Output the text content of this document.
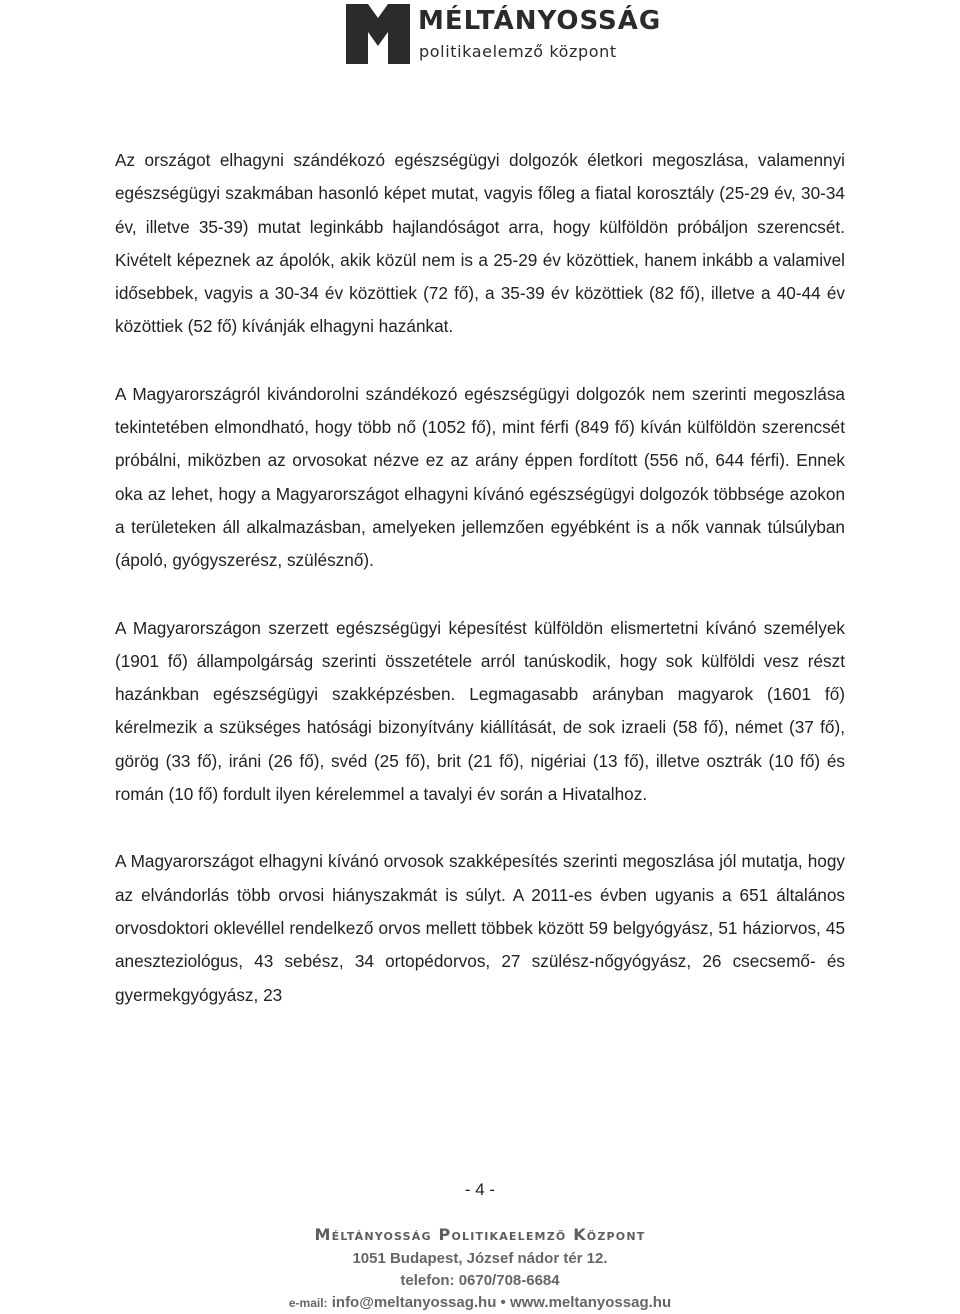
MÉLTÁNYOSSÁG
politikaelemző központ

Az országot elhagyni szándékozó egészségügyi dolgozók életkori megoszlása, valamennyi egészségügyi szakmában hasonló képet mutat, vagyis főleg a fiatal korosztály (25-29 év, 30-34 év, illetve 35-39) mutat leginkább hajlandóságot arra, hogy külföldön próbáljon szerencsét. Kivételt képeznek az ápolók, akik közül nem is a 25-29 év közöttiek, hanem inkább a valamivel idősebbek, vagyis a 30-34 év közöttiek (72 fő), a 35-39 év közöttiek (82 fő), illetve a 40-44 év közöttiek (52 fő) kívánják elhagyni hazánkat.

A Magyarországról kivándorolni szándékozó egészségügyi dolgozók nem szerinti megoszlása tekintetében elmondható, hogy több nő (1052 fő), mint férfi (849 fő) kíván külföldön szerencsét próbálni, miközben az orvosokat nézve ez az arány éppen fordított (556 nő, 644 férfi). Ennek oka az lehet, hogy a Magyarországot elhagyni kívánó egészségügyi dolgozók többsége azokon a területeken áll alkalmazásban, amelyeken jellemzően egyébként is a nők vannak túlsúlyban (ápoló, gyógyszerész, szülésznő).

A Magyarországon szerzett egészségügyi képesítést külföldön elismertetni kívánó személyek (1901 fő) állampolgárság szerinti összetétele arról tanúskodik, hogy sok külföldi vesz részt hazánkban egészségügyi szakképzésben. Legmagasabb arányban magyarok (1601 fő) kérelmezik a szükséges hatósági bizonyítvány kiállítását, de sok izraeli (58 fő), német (37 fő), görög (33 fő), iráni (26 fő), svéd (25 fő), brit (21 fő), nigériai (13 fő), illetve osztrák (10 fő) és román (10 fő) fordult ilyen kérelemmel a tavalyi év során a Hivatalhoz.

A Magyarországot elhagyni kívánó orvosok szakképesítés szerinti megoszlása jól mutatja, hogy az elvándorlás több orvosi hiányszakmát is súlyt. A 2011-es évben ugyanis a 651 általános orvosdoktori oklevéllel rendelkező orvos mellett többek között 59 belgyógyász, 51 háziorvos, 45 aneszteziológus, 43 sebész, 34 ortopédorvos, 27 szülész-nőgyógyász, 26 csecsemő- és gyermekgyógyász, 23

- 4 -
Méltányosság Politikaelemző Központ
1051 Budapest, József nádor tér 12.
telefon: 0670/708-6684
e-mail: info@meltanyossag.hu • www.meltanyossag.hu
